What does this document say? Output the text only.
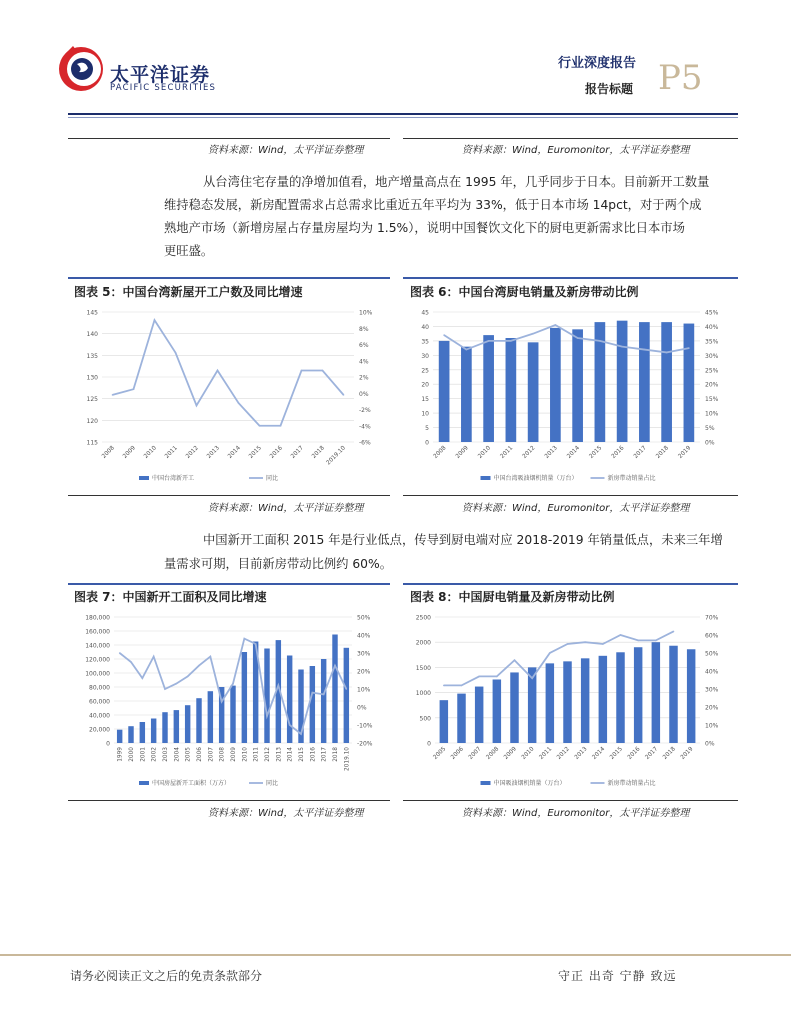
太平洋证券
PACIFIC SECURITIES
行业深度报告
报告标题 P5
资料来源：Wind，太平洋证券整理	资料来源：Wind，Euromonitor，太平洋证券整理
从台湾住宅存量的净增加值看，地产增量高点在 1995 年，几乎同步于日本。目前新开工数量
维持稳态发展，新房配置需求占总需求比重近五年平均为 33%，低于日本市场 14pct，对于两个成
熟地产市场（新增房屋占存量房屋均为 1.5%），说明中国餐饮文化下的厨电更新需求比日本市场
更旺盛。
图表 5：中国台湾新屋开工户数及同比增速
115
120
125
130
135
140
145
-6%
-4%
-2%
0%
2%
4%
6%
8%
10%
2008 2009 2010 2011 2012 2013 2014 2015 2016 2017 2018 2019.10
中国台湾新开工	同比
资料来源：Wind，太平洋证券整理
图表 6：中国台湾厨电销量及新房带动比例
0
5
10
15
20
25
30
35
40
45
0%
5%
10%
15%
20%
25%
30%
35%
40%
45%
2008 2009 2010 2011 2012 2013 2014 2015 2016 2017 2018 2019
中国台湾吸油烟机销量（万台）	新房带动销量占比
资料来源：Wind，Euromonitor，太平洋证券整理
中国新开工面积 2015 年是行业低点，传导到厨电端对应 2018-2019 年销量低点，未来三年增
量需求可期，目前新房带动比例约 60%。
图表 7：中国新开工面积及同比增速
0
20,000
40,000
60,000
80,000
100,000
120,000
140,000
160,000
180,000
-20%
-10%
0%
10%
20%
30%
40%
50%
1999 2000 2001 2002 2003 2004 2005 2006 2007 2008 2009 2010 2011 2012 2013 2014 2015 2016 2017 2018 2019.10
中国房屋新开工面积（万方）	同比
资料来源：Wind，太平洋证券整理
图表 8：中国厨电销量及新房带动比例
0
500
1000
1500
2000
2500
0%
10%
20%
30%
40%
50%
60%
70%
2005 2006 2007 2008 2009 2010 2011 2012 2013 2014 2015 2016 2017 2018 2019
中国吸油烟机销量（万台）	新房带动销量占比
资料来源：Wind，Euromonitor，太平洋证券整理
请务必阅读正文之后的免责条款部分	守正 出奇 宁静 致远
